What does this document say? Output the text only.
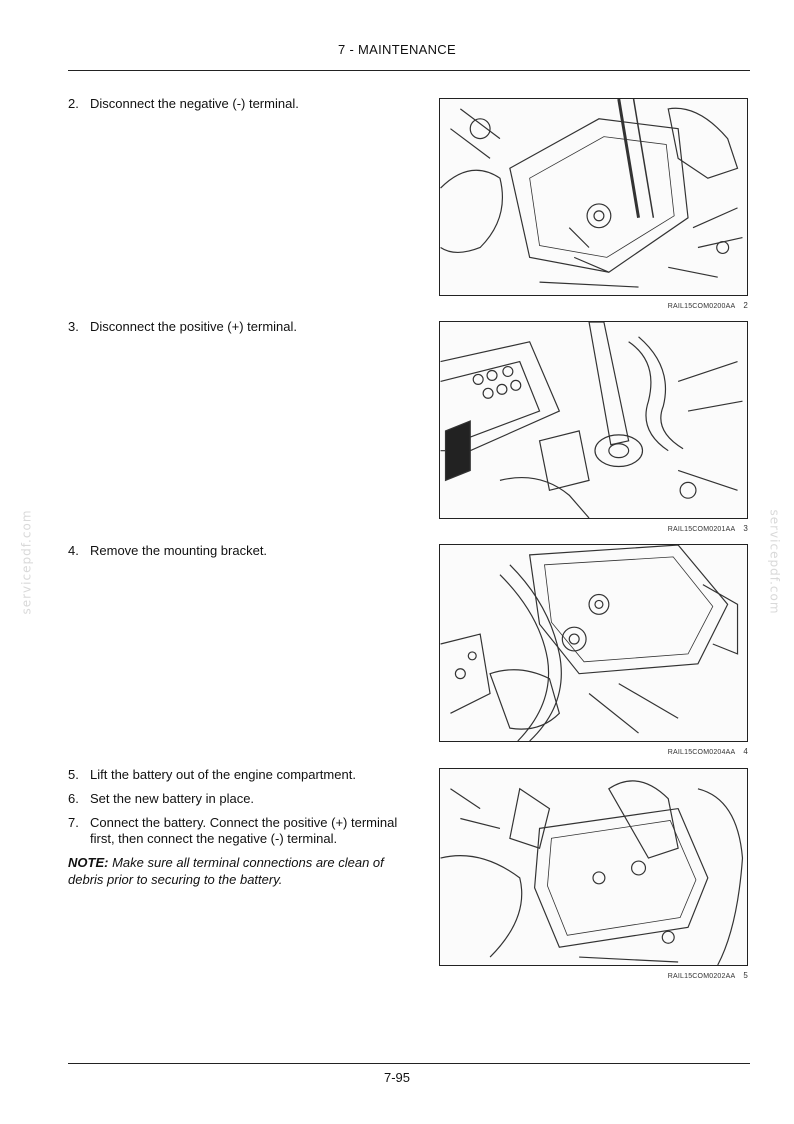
7 - MAINTENANCE
2. Disconnect the negative (-) terminal.
3. Disconnect the positive (+) terminal.
4. Remove the mounting bracket.
5. Lift the battery out of the engine compartment.
6. Set the new battery in place.
7. Connect the battery. Connect the positive (+) terminal first, then connect the negative (-) terminal.
NOTE: Make sure all terminal connections are clean of debris prior to securing to the battery.
RAIL15COM0200AA 2
RAIL15COM0201AA 3
RAIL15COM0204AA 4
RAIL15COM0202AA 5
servicepdf.com	servicepdf.com
7-95
